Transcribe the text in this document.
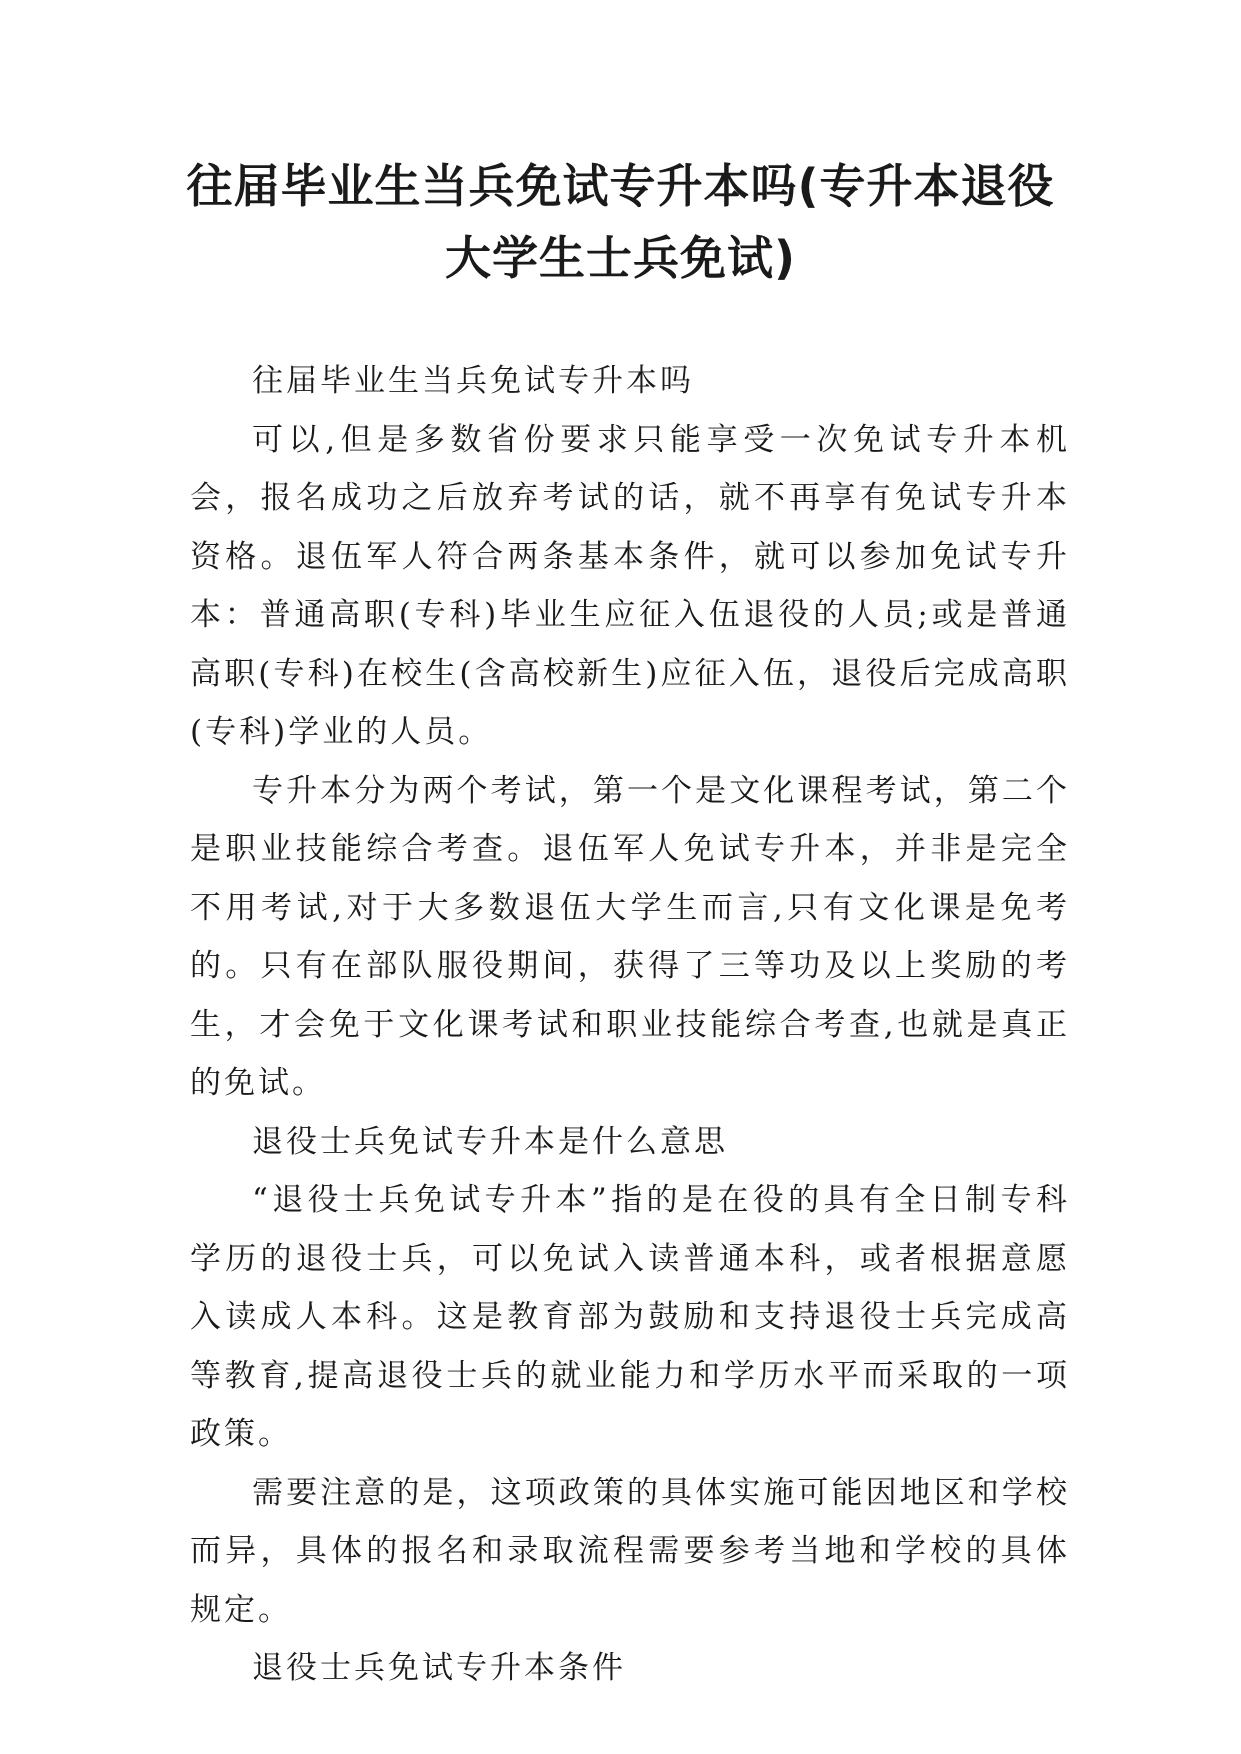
往届毕业生当兵免试专升本吗(专升本退役
大学生士兵免试)

往届毕业生当兵免试专升本吗

可以,但是多数省份要求只能享受一次免试专升本机会，报名成功之后放弃考试的话，就不再享有免试专升本资格。退伍军人符合两条基本条件，就可以参加免试专升本：普通高职(专科)毕业生应征入伍退役的人员;或是普通高职(专科)在校生(含高校新生)应征入伍，退役后完成高职(专科)学业的人员。

专升本分为两个考试，第一个是文化课程考试，第二个是职业技能综合考查。退伍军人免试专升本，并非是完全不用考试,对于大多数退伍大学生而言,只有文化课是免考的。只有在部队服役期间，获得了三等功及以上奖励的考生，才会免于文化课考试和职业技能综合考查,也就是真正的免试。

退役士兵免试专升本是什么意思

“退役士兵免试专升本”指的是在役的具有全日制专科学历的退役士兵，可以免试入读普通本科，或者根据意愿入读成人本科。这是教育部为鼓励和支持退役士兵完成高等教育,提高退役士兵的就业能力和学历水平而采取的一项政策。

需要注意的是，这项政策的具体实施可能因地区和学校而异，具体的报名和录取流程需要参考当地和学校的具体规定。

退役士兵免试专升本条件
